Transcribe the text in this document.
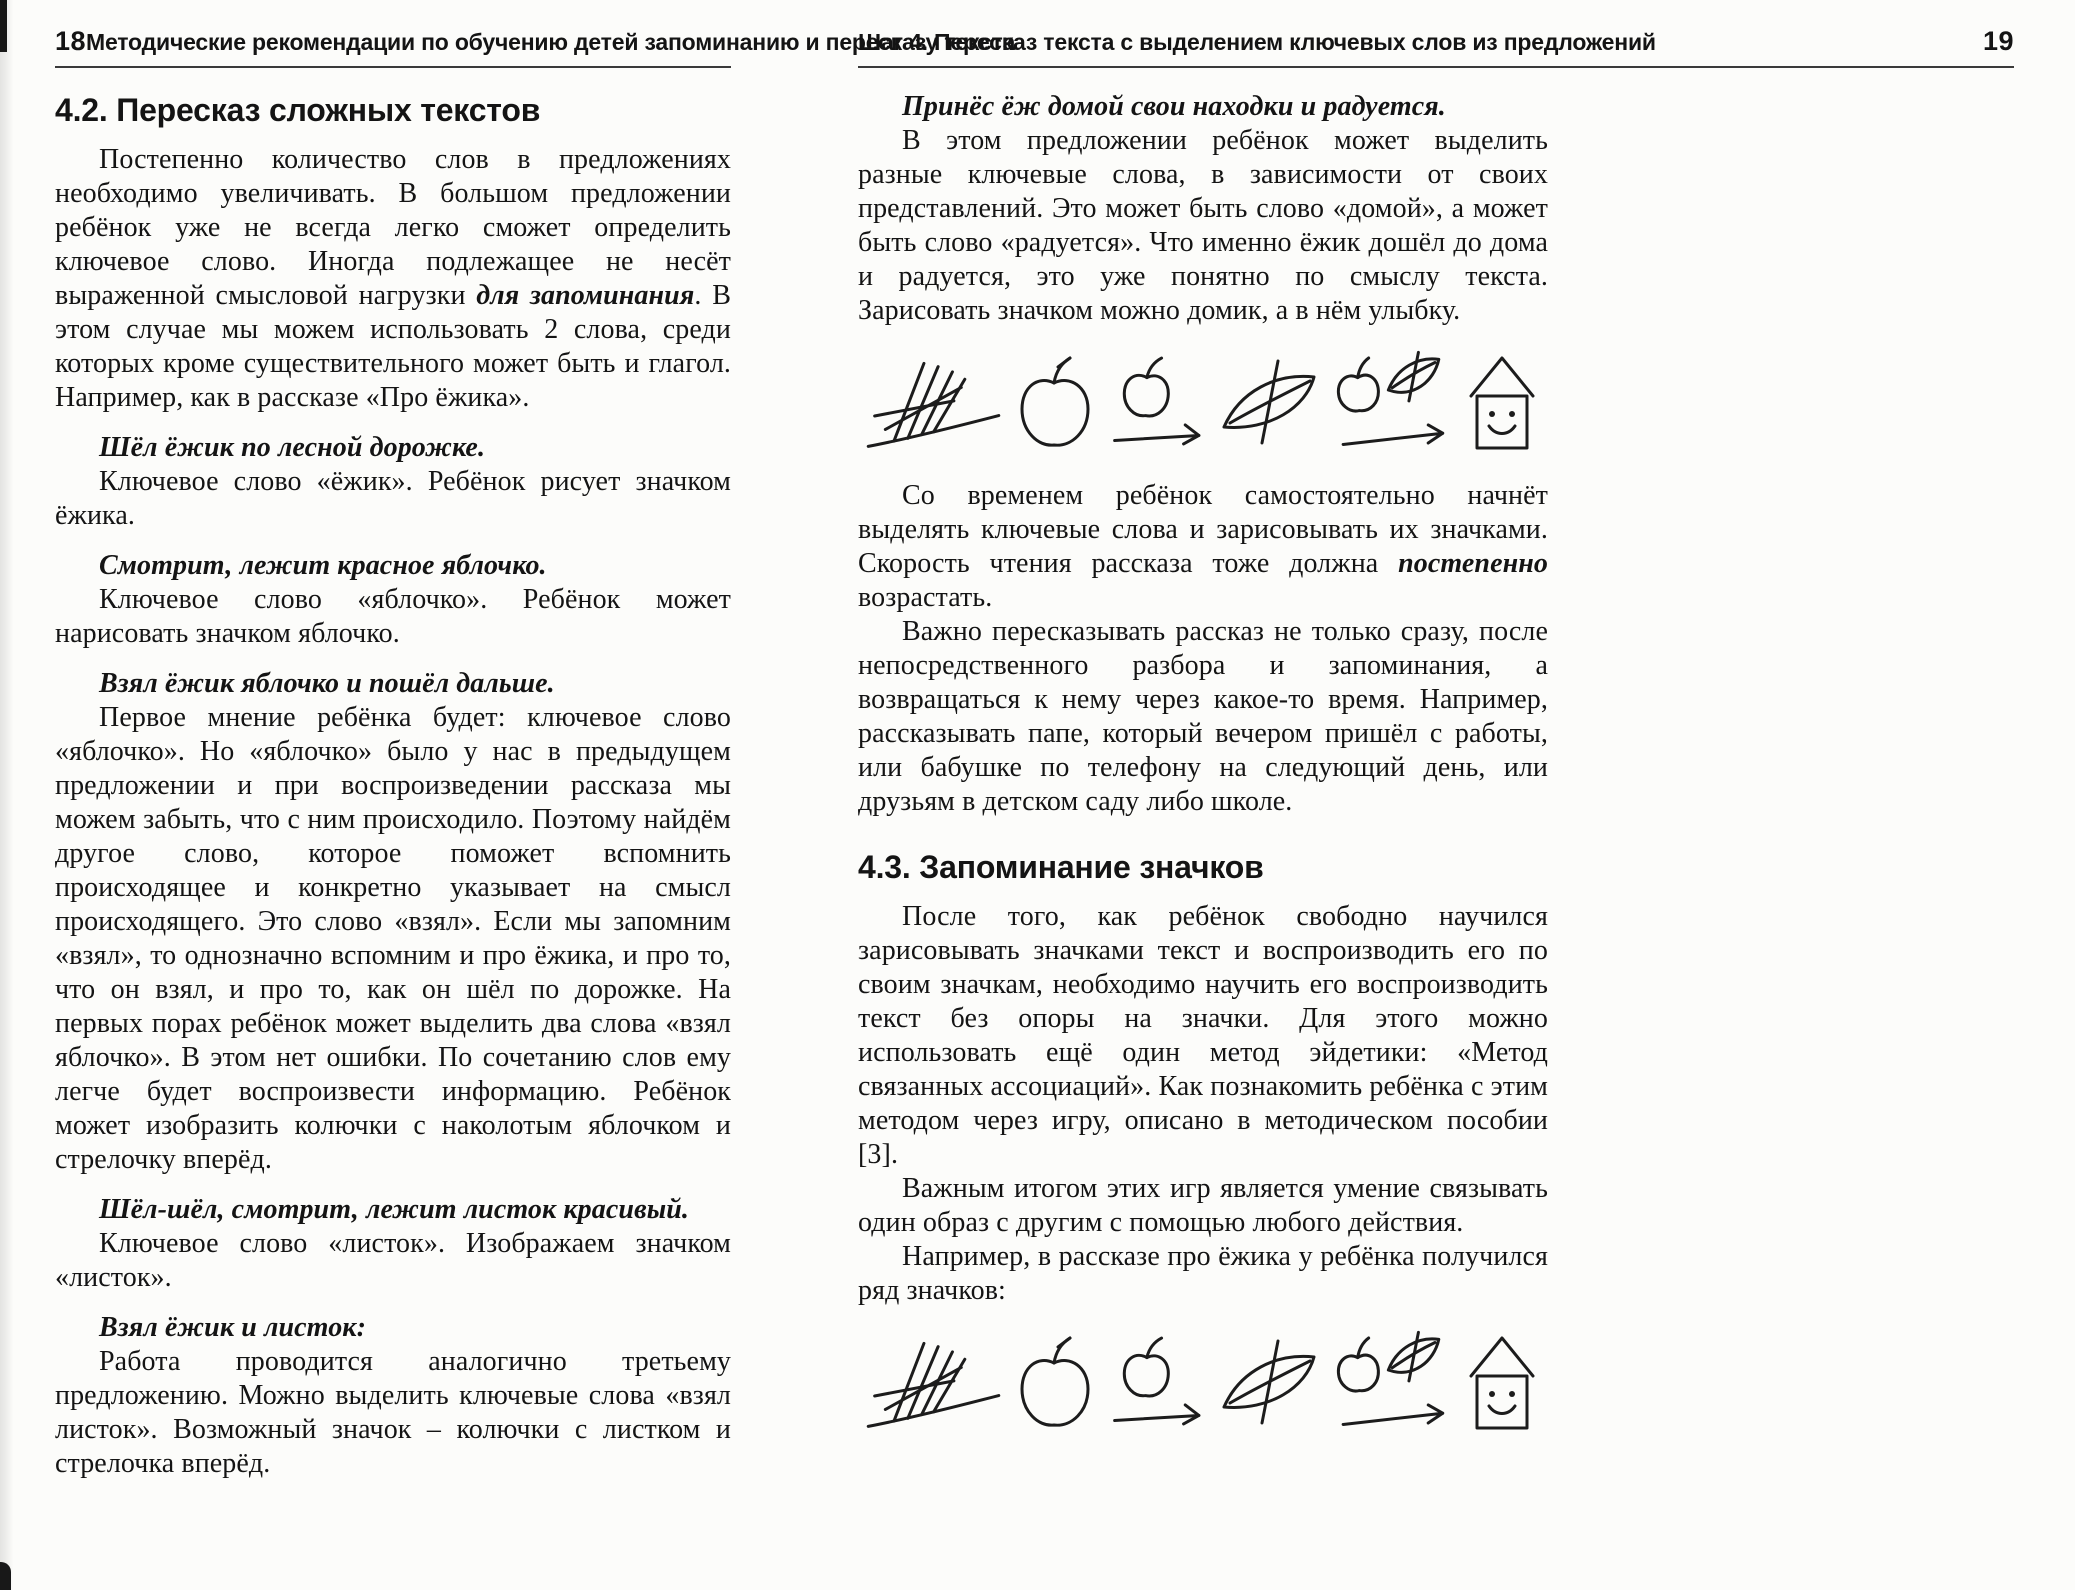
18 Методические рекомендации по обучению детей запоминанию и пересказу текста
4.2. Пересказ сложных текстов

Постепенно количество слов в предложениях необходимо увеличивать. В большом предложении ребёнок уже не всегда легко сможет определить ключевое слово. Иногда подлежащее не несёт выраженной смысловой нагрузки для запоминания. В этом случае мы можем использовать 2 слова, среди которых кроме существительного может быть и глагол. Например, как в рассказе «Про ёжика».

Шёл ёжик по лесной дорожке.

Ключевое слово «ёжик». Ребёнок рисует значком ёжика.

Смотрит, лежит красное яблочко.

Ключевое слово «яблочко». Ребёнок может нарисовать значком яблочко.

Взял ёжик яблочко и пошёл дальше.

Первое мнение ребёнка будет: ключевое слово «яблочко». Но «яблочко» было у нас в предыдущем предложении и при воспроизведении рассказа мы можем забыть, что с ним происходило. Поэтому найдём другое слово, которое поможет вспомнить происходящее и конкретно указывает на смысл происходящего. Это слово «взял». Если мы запомним «взял», то однозначно вспомним и про ёжика, и про то, что он взял, и про то, как он шёл по дорожке. На первых порах ребёнок может выделить два слова «взял яблочко». В этом нет ошибки. По сочетанию слов ему легче будет воспроизвести информацию. Ребёнок может изобразить колючки с наколотым яблочком и стрелочку вперёд.

Шёл-шёл, смотрит, лежит листок красивый.

Ключевое слово «листок». Изображаем значком «листок».

Взял ёжик и листок:

Работа проводится аналогично третьему предложению. Можно выделить ключевые слова «взял листок». Возможный значок – колючки с листком и стрелочка вперёд.

Шаг 4. Пересказ текста с выделением ключевых слов из предложений	19

Принёс ёж домой свои находки и радуется.

В этом предложении ребёнок может выделить разные ключевые слова, в зависимости от своих представлений. Это может быть слово «домой», а может быть слово «радуется». Что именно ёжик дошёл до дома и радуется, это уже понятно по смыслу текста. Зарисовать значком можно домик, а в нём улыбку.

Со временем ребёнок самостоятельно начнёт выделять ключевые слова и зарисовывать их значками. Скорость чтения рассказа тоже должна постепенно возрастать.

Важно пересказывать рассказ не только сразу, после непосредственного разбора и запоминания, а возвращаться к нему через какое-то время. Например, рассказывать папе, который вечером пришёл с работы, или бабушке по телефону на следующий день, или друзьям в детском саду либо школе.

4.3. Запоминание значков

После того, как ребёнок свободно научился зарисовывать значками текст и воспроизводить его по своим значкам, необходимо научить его воспроизводить текст без опоры на значки. Для этого можно использовать ещё один метод эйдетики: «Метод связанных ассоциаций». Как познакомить ребёнка с этим методом через игру, описано в методическом пособии [3].

Важным итогом этих игр является умение связывать один образ с другим с помощью любого действия.

Например, в рассказе про ёжика у ребёнка получился ряд значков:
